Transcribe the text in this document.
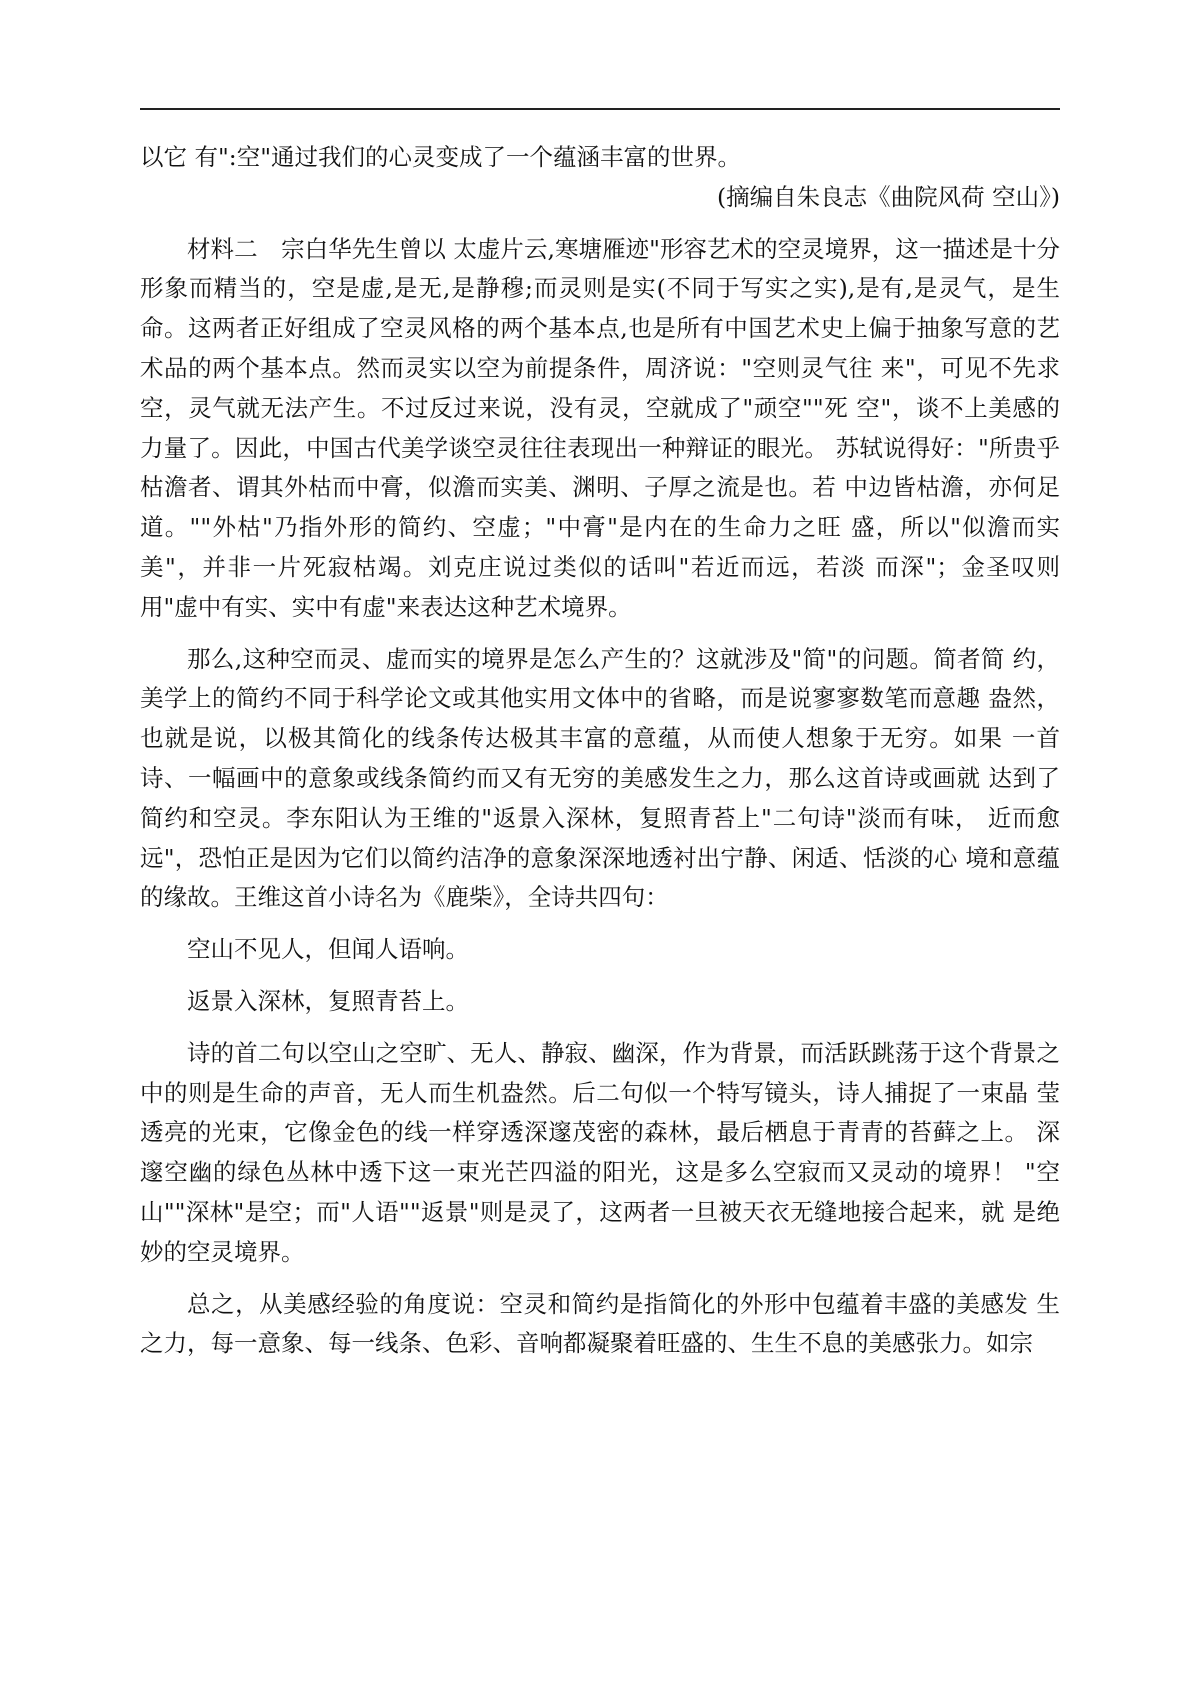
以它 有":空"通过我们的心灵变成了一个蕴涵丰富的世界。

(摘编自朱良志《曲院风荷 空山》)

材料二　宗白华先生曾以 太虚片云,寒塘雁迹"形容艺术的空灵境界，这一描述是十分形象而精当的，空是虚,是无,是静穆;而灵则是实(不同于写实之实),是有,是灵气，是生命。这两者正好组成了空灵风格的两个基本点,也是所有中国艺术史上偏于抽象写意的艺术品的两个基本点。然而灵实以空为前提条件，周济说："空则灵气往 来"，可见不先求空，灵气就无法产生。不过反过来说，没有灵，空就成了"顽空""死 空"，谈不上美感的力量了。因此，中国古代美学谈空灵往往表现出一种辩证的眼光。 苏轼说得好："所贵乎枯澹者、谓其外枯而中膏，似澹而实美、渊明、子厚之流是也。若 中边皆枯澹，亦何足道。""外枯"乃指外形的简约、空虚；"中膏"是内在的生命力之旺 盛，所以"似澹而实美"，并非一片死寂枯竭。刘克庄说过类似的话叫"若近而远，若淡 而深"；金圣叹则用"虚中有实、实中有虚"来表达这种艺术境界。

那么,这种空而灵、虚而实的境界是怎么产生的？这就涉及"简"的问题。简者简 约，美学上的简约不同于科学论文或其他实用文体中的省略，而是说寥寥数笔而意趣 盎然，也就是说，以极其简化的线条传达极其丰富的意蕴，从而使人想象于无穷。如果 一首诗、一幅画中的意象或线条简约而又有无穷的美感发生之力，那么这首诗或画就 达到了简约和空灵。李东阳认为王维的"返景入深林，复照青苔上"二句诗"淡而有味， 近而愈远"，恐怕正是因为它们以简约洁净的意象深深地透衬出宁静、闲适、恬淡的心 境和意蕴的缘故。王维这首小诗名为《鹿柴》，全诗共四句：

空山不见人，但闻人语响。

返景入深林，复照青苔上。

诗的首二句以空山之空旷、无人、静寂、幽深，作为背景，而活跃跳荡于这个背景之 中的则是生命的声音，无人而生机盎然。后二句似一个特写镜头，诗人捕捉了一束晶 莹透亮的光束，它像金色的线一样穿透深邃茂密的森林，最后栖息于青青的苔藓之上。 深邃空幽的绿色丛林中透下这一束光芒四溢的阳光，这是多么空寂而又灵动的境界！ "空山""深林"是空；而"人语""返景"则是灵了，这两者一旦被天衣无缝地接合起来，就 是绝妙的空灵境界。

总之，从美感经验的角度说：空灵和简约是指简化的外形中包蕴着丰盛的美感发 生之力，每一意象、每一线条、色彩、音响都凝聚着旺盛的、生生不息的美感张力。如宗
